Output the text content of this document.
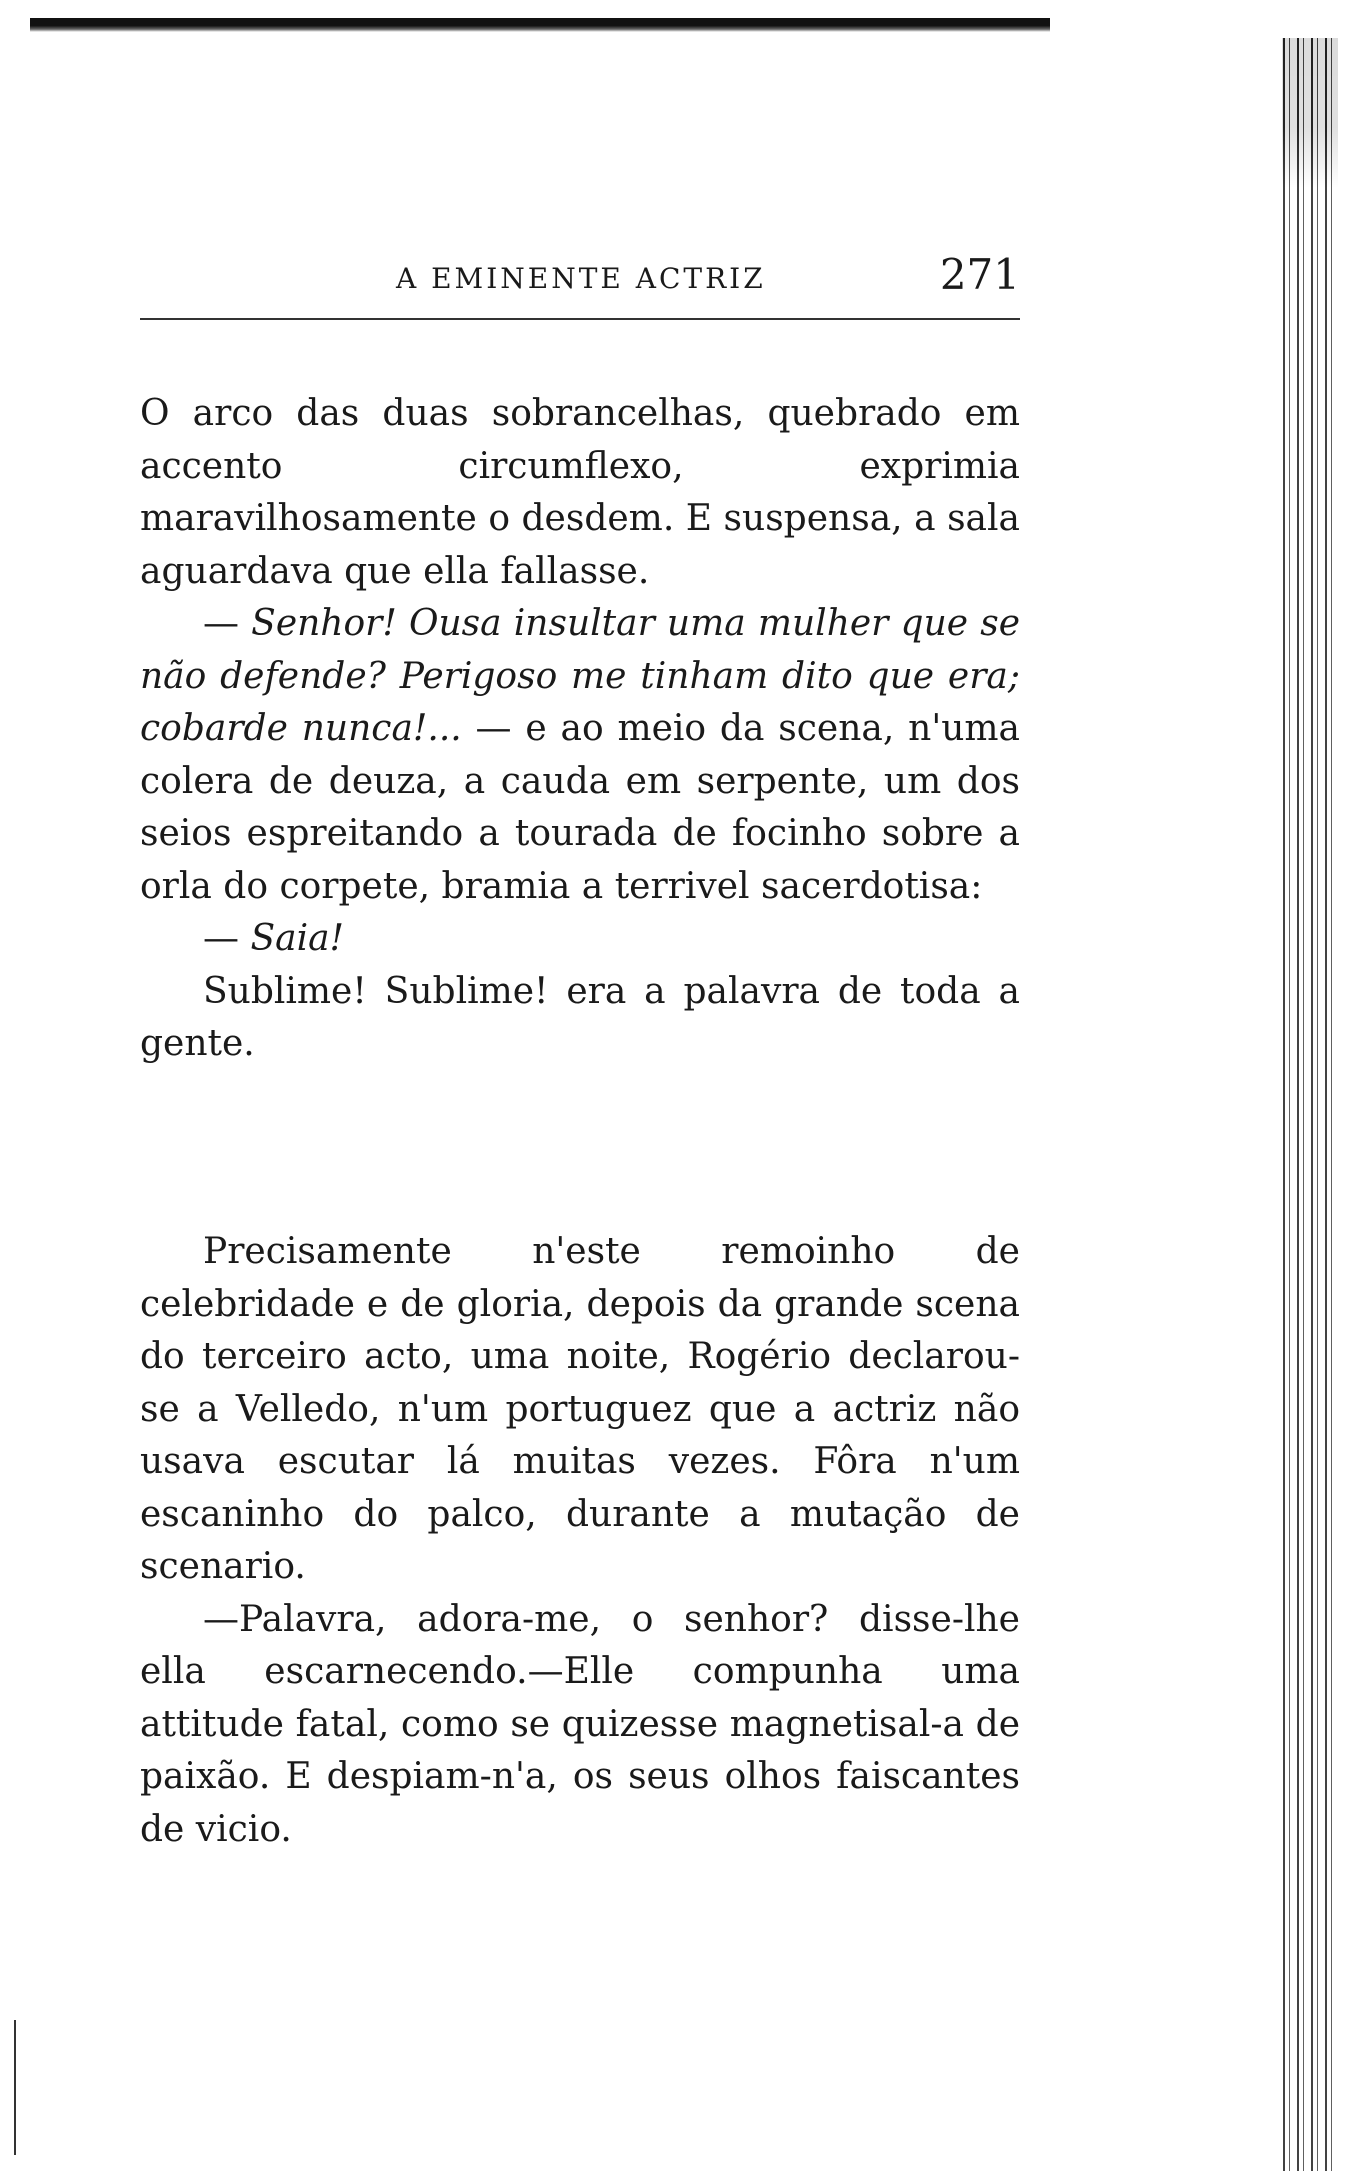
A EMINENTE ACTRIZ	271

O arco das duas sobrancelhas, quebrado em accento circumflexo, exprimia maravilhosamente o desdem. E suspensa, a sala aguardava que ella fallasse.

— Senhor! Ousa insultar uma mulher que se não defende? Perigoso me tinham dito que era; cobarde nunca!... — e ao meio da scena, n'uma colera de deuza, a cauda em serpente, um dos seios espreitando a tourada de focinho sobre a orla do corpete, bramia a terrivel sacerdotisa:

— Saia!

Sublime! Sublime! era a palavra de toda a gente.

Precisamente n'este remoinho de celebridade e de gloria, depois da grande scena do terceiro acto, uma noite, Rogério declarou-se a Velledo, n'um portuguez que a actriz não usava escutar lá muitas vezes. Fôra n'um escaninho do palco, durante a mutação de scenario.

—Palavra, adora-me, o senhor? disse-lhe ella escarnecendo.—Elle compunha uma attitude fatal, como se quizesse magnetisal-a de paixão. E despiam-n'a, os seus olhos faiscantes de vicio.
